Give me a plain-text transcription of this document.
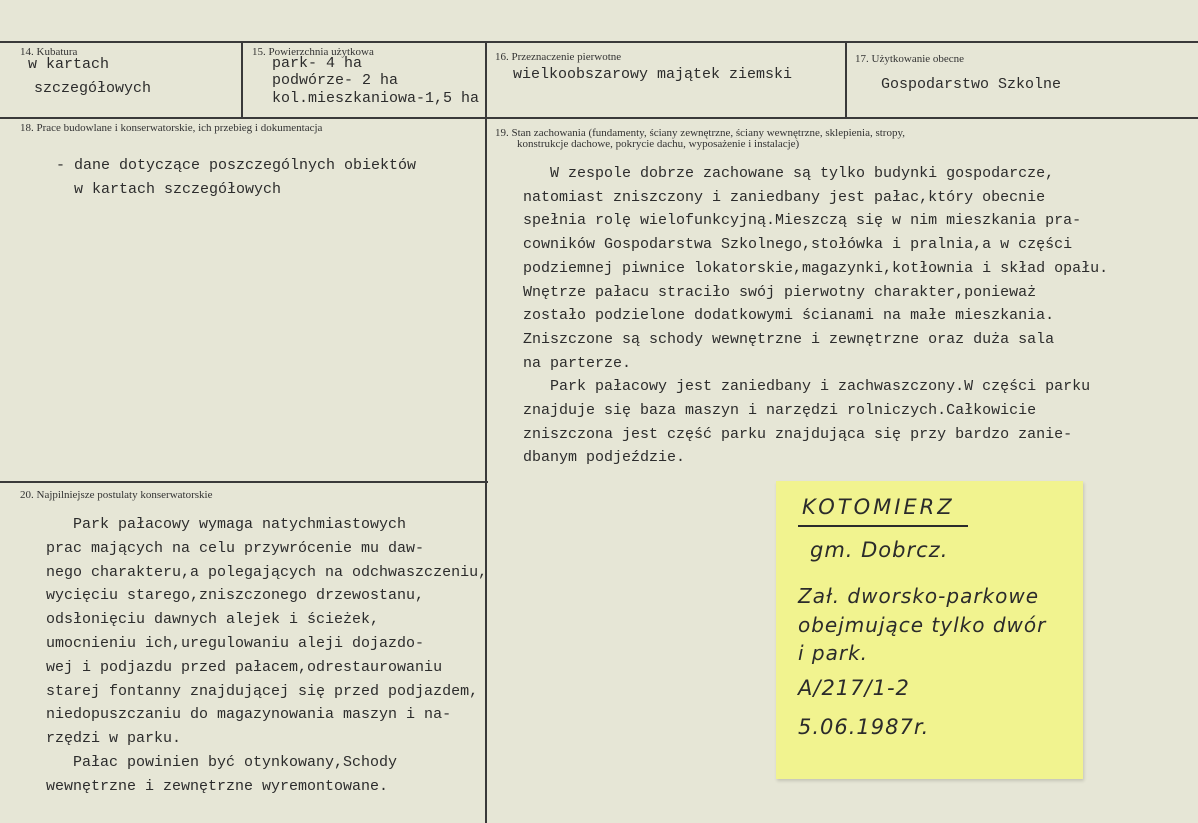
14. Kubatura
w kartach
szczegółowych
15. Powierzchnia użytkowa
park- 4 ha
podwórze- 2 ha
kol.mieszkaniowa-1,5 ha
16. Przeznaczenie pierwotne
wielkoobszarowy majątek ziemski
17. Użytkowanie obecne
Gospodarstwo Szkolne
18. Prace budowlane i konserwatorskie, ich przebieg i dokumentacja
- dane dotyczące poszczególnych obiektów
w kartach szczegółowych
19. Stan zachowania (fundamenty, ściany zewnętrzne, ściany wewnętrzne, sklepienia, stropy,
konstrukcje dachowe, pokrycie dachu, wyposażenie i instalacje)
W zespole dobrze zachowane są tylko budynki gospodarcze,
natomiast zniszczony i zaniedbany jest pałac,który obecnie
spełnia rolę wielofunkcyjną.Mieszczą się w nim mieszkania pra-
cowników Gospodarstwa Szkolnego,stołówka i pralnia,a w części
podziemnej piwnice lokatorskie,magazynki,kotłownia i skład opału.
Wnętrze pałacu straciło swój pierwotny charakter,ponieważ
zostało podzielone dodatkowymi ścianami na małe mieszkania.
Zniszczone są schody wewnętrzne i zewnętrzne oraz duża sala
na parterze.
Park pałacowy jest zaniedbany i zachwaszczony.W części parku
znajduje się baza maszyn i narzędzi rolniczych.Całkowicie
zniszczona jest część parku znajdująca się przy bardzo zanie-
dbanym podjeździe.
20. Najpilniejsze postulaty konserwatorskie
Park pałacowy wymaga natychmiastowych
prac mających na celu przywrócenie mu daw-
nego charakteru,a polegających na odchwaszczeniu,
wycięciu starego,zniszczonego drzewostanu,
odsłonięciu dawnych alejek i ścieżek,
umocnieniu ich,uregulowaniu aleji dojazdo-
wej i podjazdu przed pałacem,odrestaurowaniu
starej fontanny znajdującej się przed podjazdem,
niedopuszczaniu do magazynowania maszyn i na-
rzędzi w parku.
Pałac powinien być otynkowany,Schody
wewnętrzne i zewnętrzne wyremontowane.
KOTOMIERZ
gm. Dobrcz.
Zał. dworsko-parkowe
obejmujące tylko dwór
i park.
A/217/1-2
5.06.1987r.
